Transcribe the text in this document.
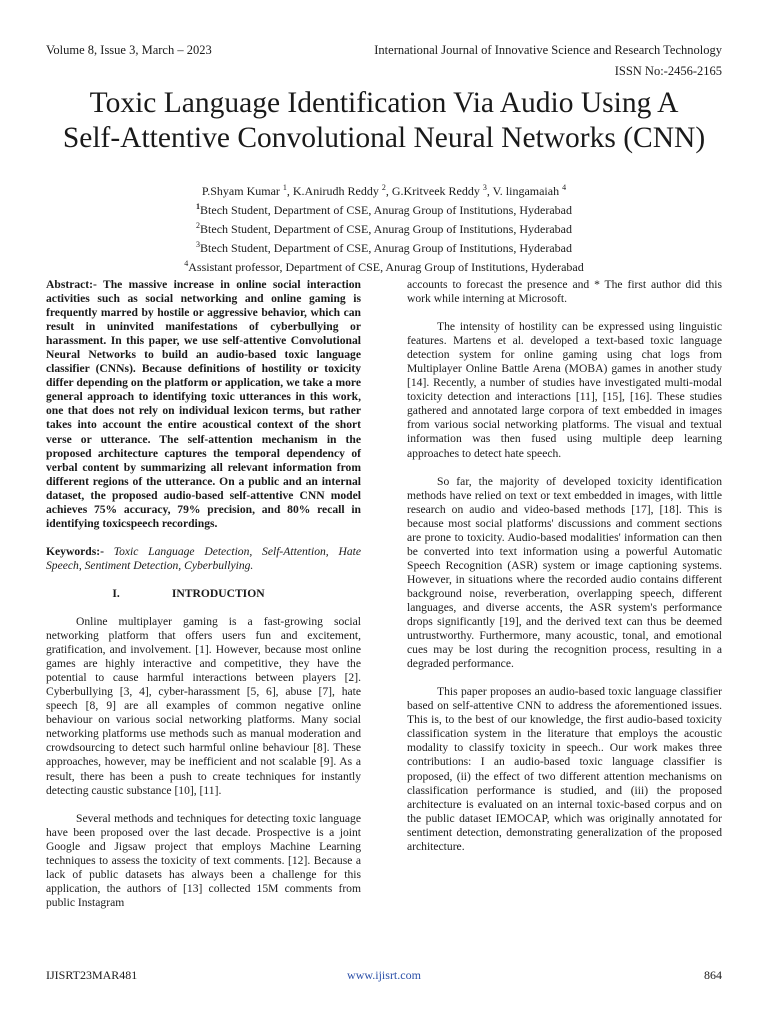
Volume 8, Issue 3, March – 2023	International Journal of Innovative Science and Research Technology
ISSN No:-2456-2165
Toxic Language Identification Via Audio Using A
Self-Attentive Convolutional Neural Networks (CNN)
P.Shyam Kumar $^1$, K.Anirudh Reddy $^2$, G.Kritveek Reddy $^3$, V. lingamaiah $^4$
$^1$Btech Student, Department of CSE, Anurag Group of Institutions, Hyderabad
$^2$Btech Student, Department of CSE, Anurag Group of Institutions, Hyderabad
$^3$Btech Student, Department of CSE, Anurag Group of Institutions, Hyderabad
$^4$Assistant professor, Department of CSE, Anurag Group of Institutions, Hyderabad

Abstract:- The massive increase in online social interaction activities such as social networking and online gaming is frequently marred by hostile or aggressive behavior, which can result in uninvited manifestations of cyberbullying or harassment. In this paper, we use self-attentive Convolutional Neural Networks to build an audio-based toxic language classifier (CNNs). Because definitions of hostility or toxicity differ depending on the platform or application, we take a more general approach to identifying toxic utterances in this work, one that does not rely on individual lexicon terms, but rather takes into account the entire acoustical context of the short verse or utterance. The self-attention mechanism in the proposed architecture captures the temporal dependency of verbal content by summarizing all relevant information from different regions of the utterance. On a public and an internal dataset, the proposed audio-based self-attentive CNN model achieves 75% accuracy, 79% precision, and 80% recall in identifying toxicspeech recordings.

Keywords:- Toxic Language Detection, Self-Attention, Hate Speech, Sentiment Detection, Cyberbullying.

I.	INTRODUCTION

Online multiplayer gaming is a fast-growing social networking platform that offers users fun and excitement, gratification, and involvement. [1]. However, because most online games are highly interactive and competitive, they have the potential to cause harmful interactions between players [2]. Cyberbullying [3, 4], cyber-harassment [5, 6], abuse [7], hate speech [8, 9] are all examples of common negative online behaviour on various social networking platforms. Many social networking platforms use methods such as manual moderation and crowdsourcing to detect such harmful online behaviour [8]. These approaches, however, may be inefficient and not scalable [9]. As a result, there has been a push to create techniques for instantly detecting caustic substance [10], [11].

Several methods and techniques for detecting toxic language have been proposed over the last decade. Prospective is a joint Google and Jigsaw project that employs Machine Learning techniques to assess the toxicity of text comments. [12]. Because a lack of public datasets has always been a challenge for this application, the authors of [13] collected 15M comments from public Instagram

accounts to forecast the presence and * The first author did this work while interning at Microsoft.

The intensity of hostility can be expressed using linguistic features. Martens et al. developed a text-based toxic language detection system for online gaming using chat logs from Multiplayer Online Battle Arena (MOBA) games in another study [14]. Recently, a number of studies have investigated multi-modal toxicity detection and interactions [11], [15], [16]. These studies gathered and annotated large corpora of text embedded in images from various social networking platforms. The visual and textual information was then fused using multiple deep learning approaches to detect hate speech.

So far, the majority of developed toxicity identification methods have relied on text or text embedded in images, with little research on audio and video-based methods [17], [18]. This is because most social platforms' discussions and comment sections are prone to toxicity. Audio-based modalities' information can then be converted into text information using a powerful Automatic Speech Recognition (ASR) system or image captioning systems. However, in situations where the recorded audio contains different background noise, reverberation, overlapping speech, different languages, and diverse accents, the ASR system's performance drops significantly [19], and the derived text can thus be deemed untrustworthy. Furthermore, many acoustic, tonal, and emotional cues may be lost during the recognition process, resulting in a degraded performance.

This paper proposes an audio-based toxic language classifier based on self-attentive CNN to address the aforementioned issues. This is, to the best of our knowledge, the first audio-based toxicity classification system in the literature that employs the acoustic modality to classify toxicity in speech.. Our work makes three contributions: I an audio-based toxic language classifier is proposed, (ii) the effect of two different attention mechanisms on classification performance is studied, and (iii) the proposed architecture is evaluated on an internal toxic-based corpus and on the public dataset IEMOCAP, which was originally annotated for sentiment detection, demonstrating generalization of the proposed architecture.

IJISRT23MAR481	www.ijisrt.com	864
